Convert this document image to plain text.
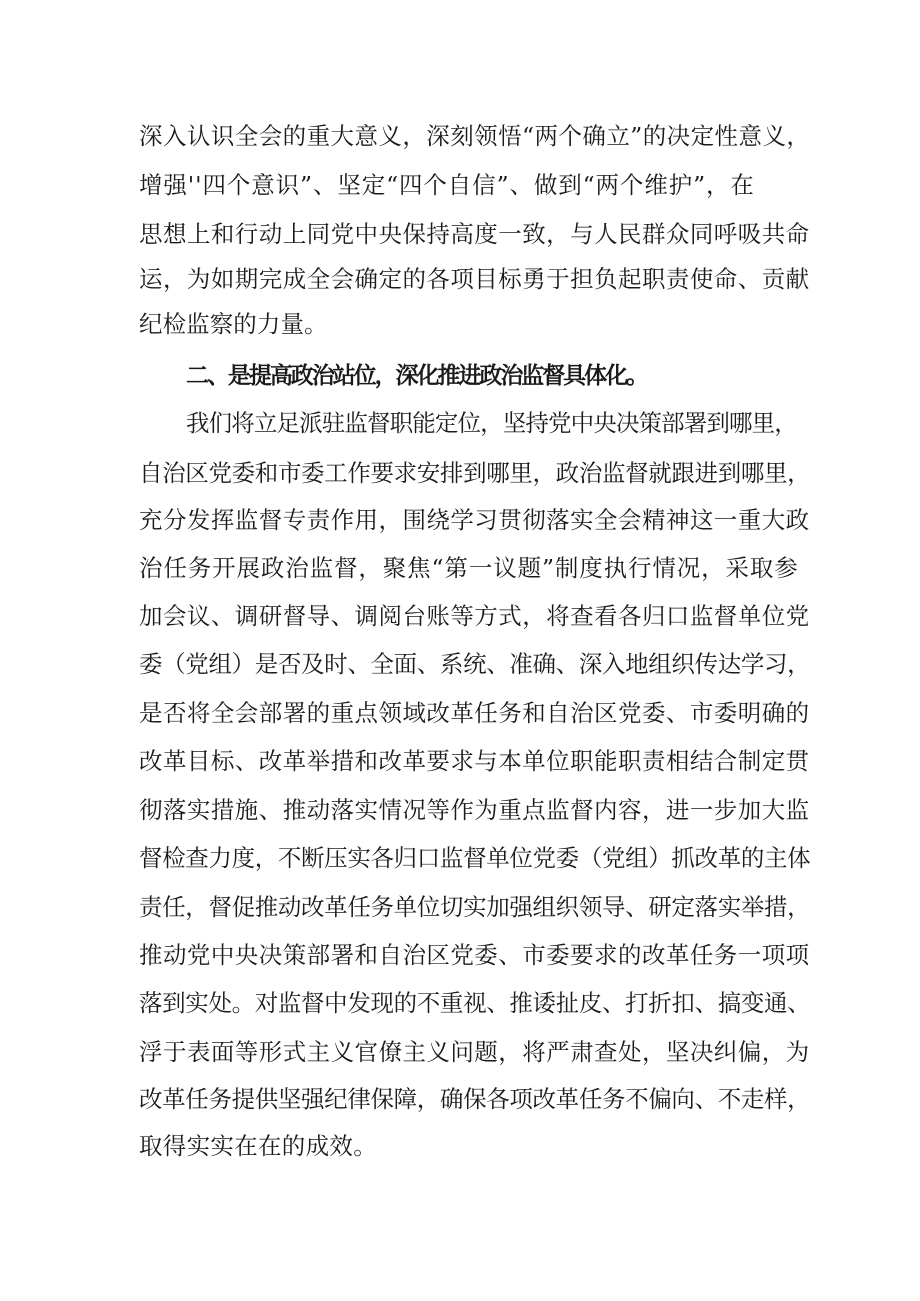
深入认识全会的重大意义，深刻领悟“两个确立”的决定性意义，
增强''四个意识”、坚定“四个自信”、做到“两个维护”，在
思想上和行动上同党中央保持高度一致，与人民群众同呼吸共命
运，为如期完成全会确定的各项目标勇于担负起职责使命、贡献
纪检监察的力量。
二、是提高政治站位，深化推进政治监督具体化。
我们将立足派驻监督职能定位，坚持党中央决策部署到哪里，
自治区党委和市委工作要求安排到哪里，政治监督就跟进到哪里，
充分发挥监督专责作用，围绕学习贯彻落实全会精神这一重大政
治任务开展政治监督，聚焦“第一议题”制度执行情况，采取参
加会议、调研督导、调阅台账等方式，将查看各归口监督单位党
委（党组）是否及时、全面、系统、准确、深入地组织传达学习，
是否将全会部署的重点领域改革任务和自治区党委、市委明确的
改革目标、改革举措和改革要求与本单位职能职责相结合制定贯
彻落实措施、推动落实情况等作为重点监督内容，进一步加大监
督检查力度，不断压实各归口监督单位党委（党组）抓改革的主体
责任，督促推动改革任务单位切实加强组织领导、研定落实举措，
推动党中央决策部署和自治区党委、市委要求的改革任务一项项
落到实处。对监督中发现的不重视、推诿扯皮、打折扣、搞变通、
浮于表面等形式主义官僚主义问题，将严肃查处，坚决纠偏，为
改革任务提供坚强纪律保障，确保各项改革任务不偏向、不走样，
取得实实在在的成效。
